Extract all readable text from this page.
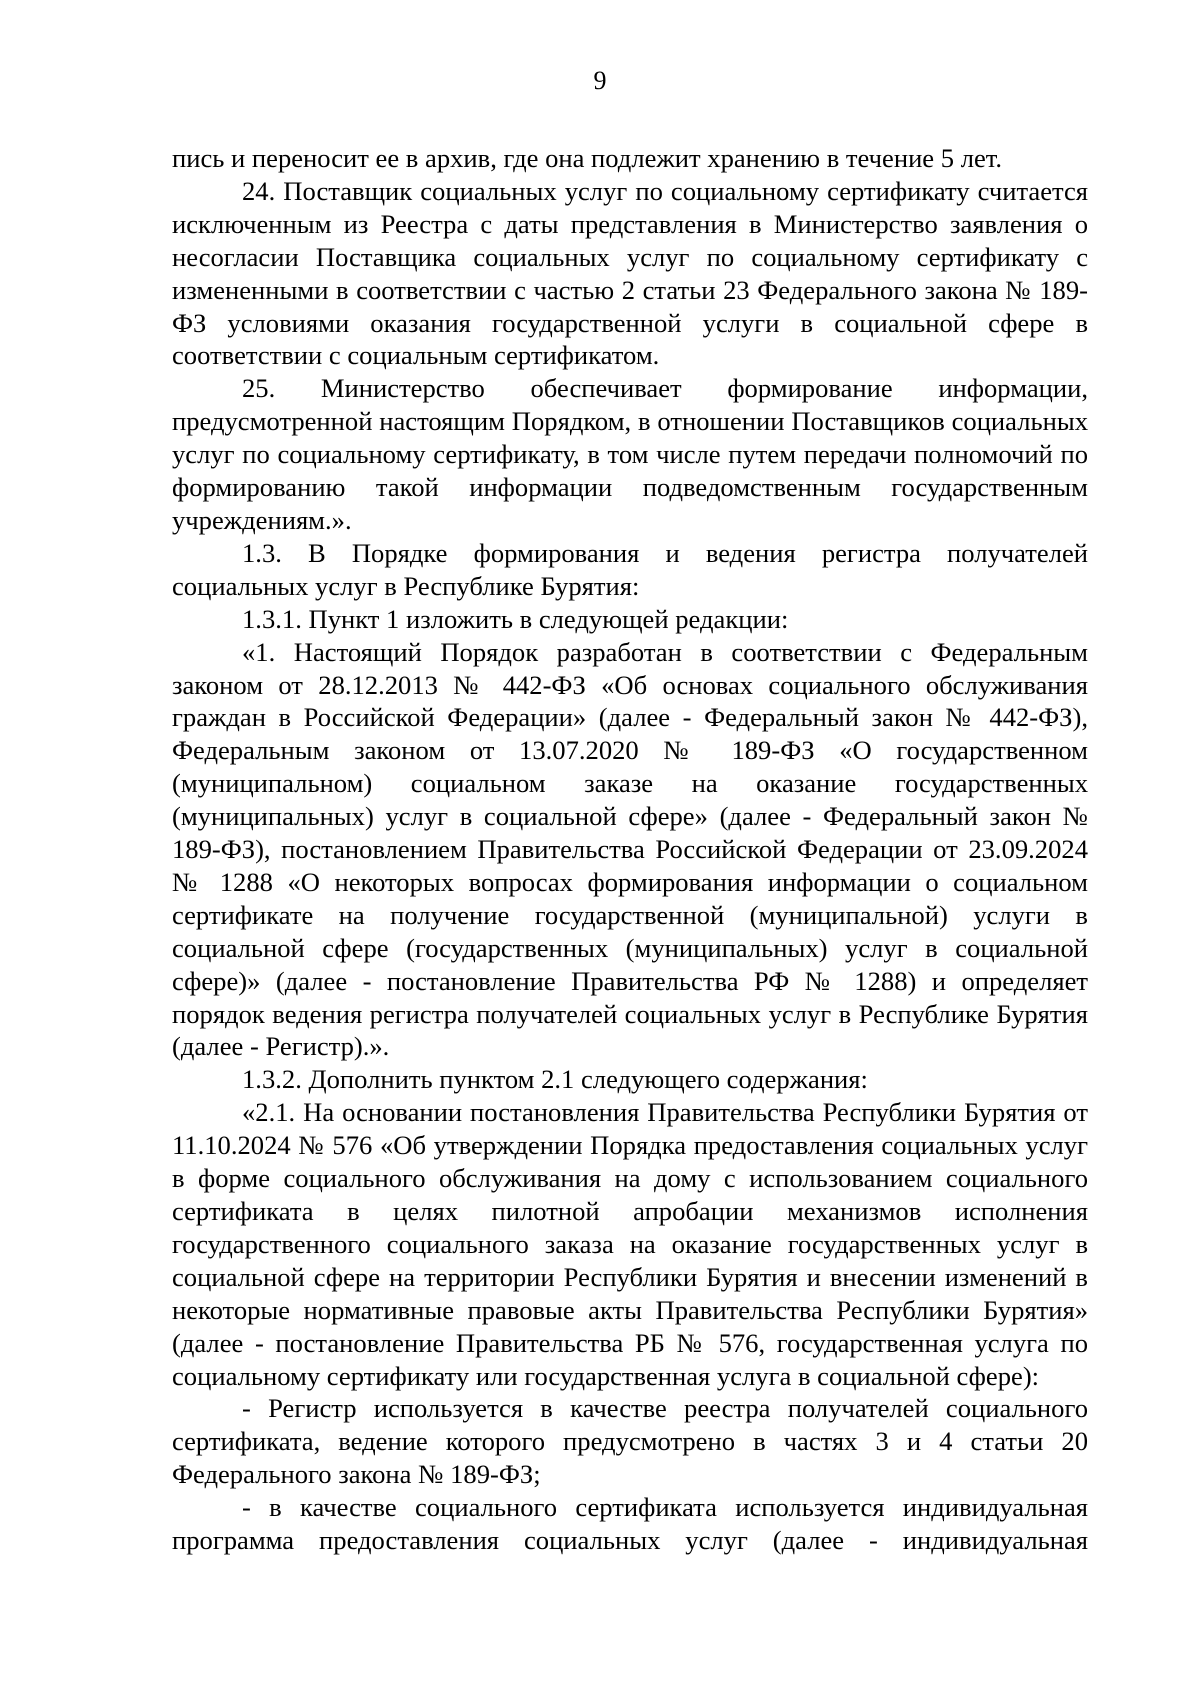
9

пись и переносит ее в архив, где она подлежит хранению в течение 5 лет.

24. Поставщик социальных услуг по социальному сертификату считается исключенным из Реестра с даты представления в Министерство заявления о несогласии Поставщика социальных услуг по социальному сертификату с измененными в соответствии с частью 2 статьи 23 Федерального закона № 189-ФЗ условиями оказания государственной услуги в социальной сфере в соответствии с социальным сертификатом.

25. Министерство обеспечивает формирование информации, предусмотренной настоящим Порядком, в отношении Поставщиков социальных услуг по социальному сертификату, в том числе путем передачи полномочий по формированию такой информации подведомственным государственным учреждениям.».

1.3. В Порядке формирования и ведения регистра получателей социальных услуг в Республике Бурятия:

1.3.1. Пункт 1 изложить в следующей редакции:

«1. Настоящий Порядок разработан в соответствии с Федеральным законом от 28.12.2013 № 442-ФЗ «Об основах социального обслуживания граждан в Российской Федерации» (далее - Федеральный закон № 442-ФЗ), Федеральным законом от 13.07.2020 № 189-ФЗ «О государственном (муниципальном) социальном заказе на оказание государственных (муниципальных) услуг в социальной сфере» (далее - Федеральный закон № 189-ФЗ), постановлением Правительства Российской Федерации от 23.09.2024 № 1288 «О некоторых вопросах формирования информации о социальном сертификате на получение государственной (муниципальной) услуги в социальной сфере (государственных (муниципальных) услуг в социальной сфере)» (далее - постановление Правительства РФ № 1288) и определяет порядок ведения регистра получателей социальных услуг в Республике Бурятия (далее - Регистр).».

1.3.2. Дополнить пунктом 2.1 следующего содержания:

«2.1. На основании постановления Правительства Республики Бурятия от 11.10.2024 № 576 «Об утверждении Порядка предоставления социальных услуг в форме социального обслуживания на дому с использованием социального сертификата в целях пилотной апробации механизмов исполнения государственного социального заказа на оказание государственных услуг в социальной сфере на территории Республики Бурятия и внесении изменений в некоторые нормативные правовые акты Правительства Республики Бурятия» (далее - постановление Правительства РБ № 576, государственная услуга по социальному сертификату или государственная услуга в социальной сфере):

- Регистр используется в качестве реестра получателей социального сертификата, ведение которого предусмотрено в частях 3 и 4 статьи 20 Федерального закона № 189-ФЗ;

- в качестве социального сертификата используется индивидуальная программа предоставления социальных услуг (далее - индивидуальная
